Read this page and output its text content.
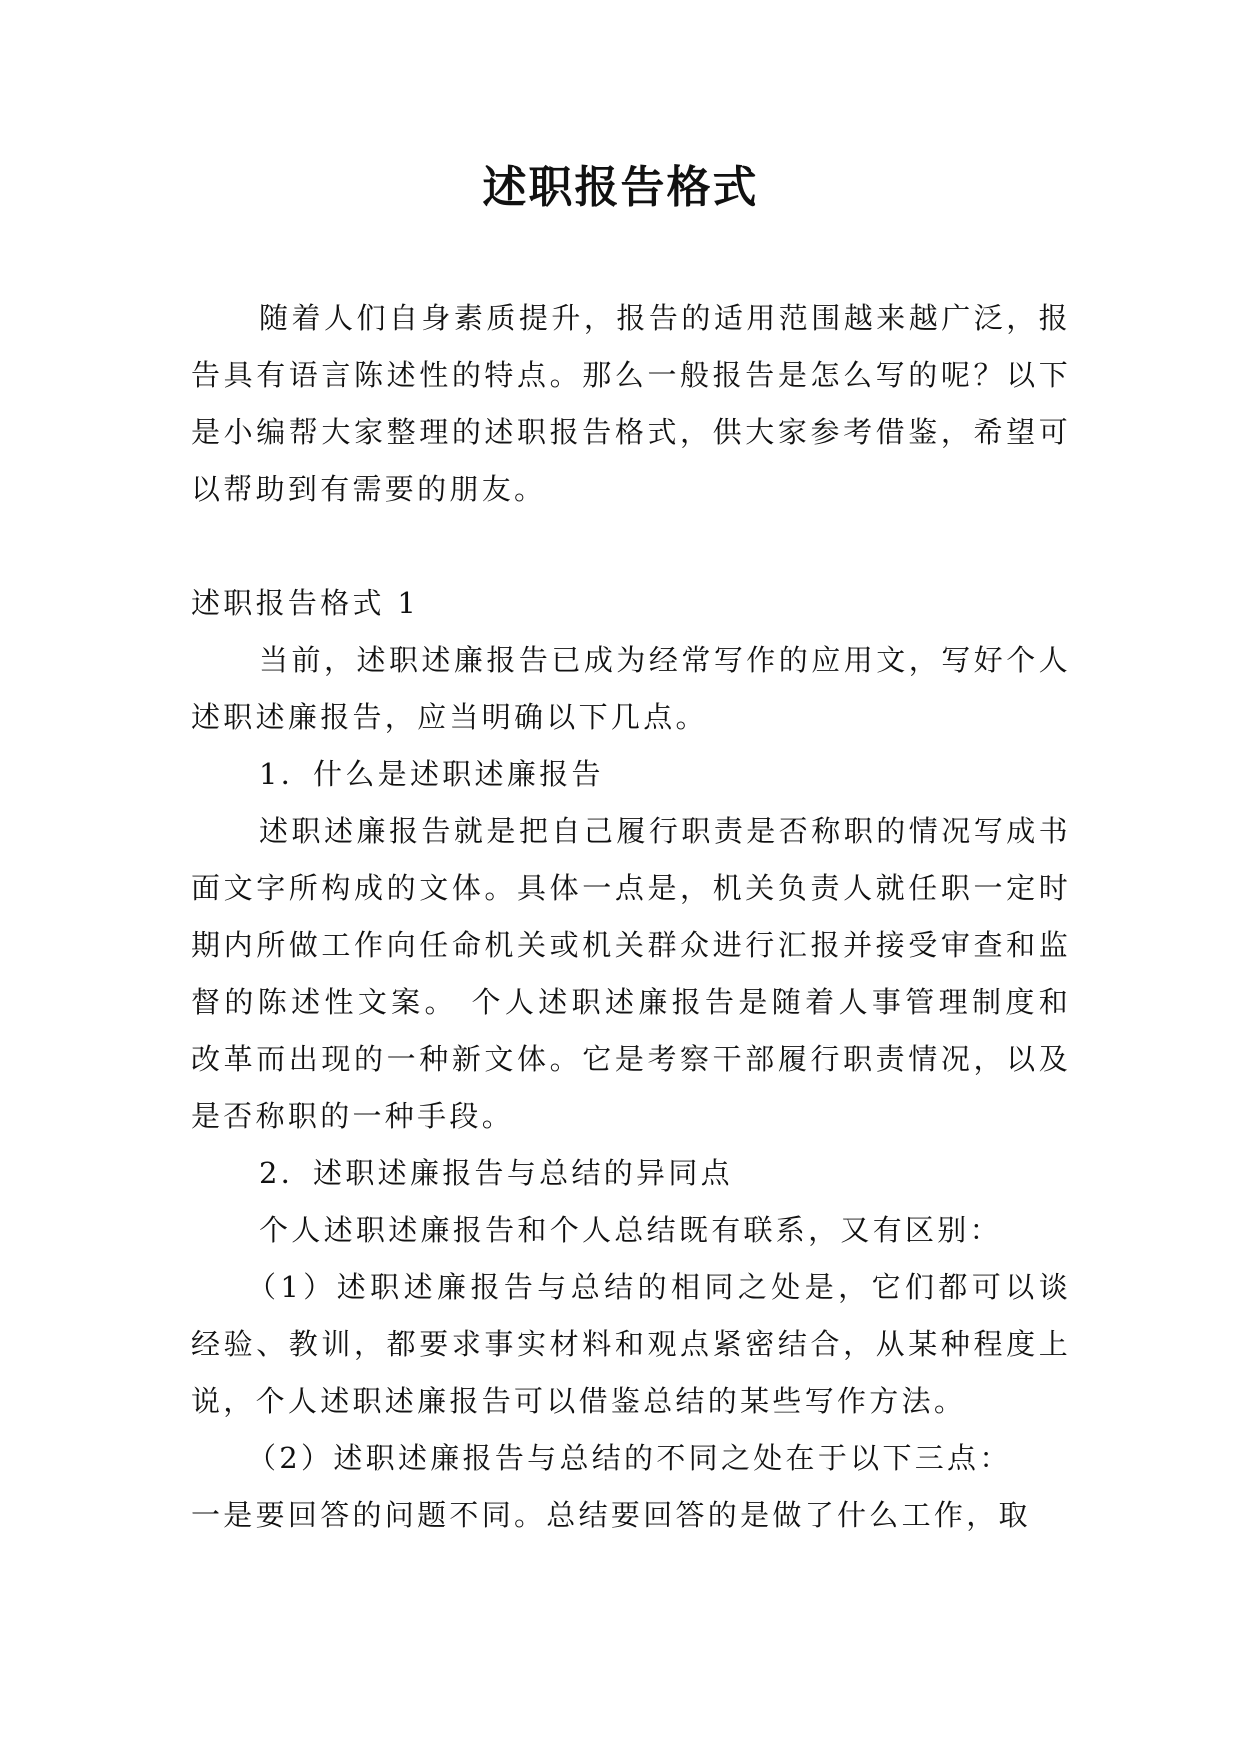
述职报告格式

随着人们自身素质提升，报告的适用范围越来越广泛，报告具有语言陈述性的特点。那么一般报告是怎么写的呢？以下是小编帮大家整理的述职报告格式，供大家参考借鉴，希望可以帮助到有需要的朋友。

述职报告格式 1

当前，述职述廉报告已成为经常写作的应用文，写好个人述职述廉报告，应当明确以下几点。

1．什么是述职述廉报告

述职述廉报告就是把自己履行职责是否称职的情况写成书面文字所构成的文体。具体一点是，机关负责人就任职一定时期内所做工作向任命机关或机关群众进行汇报并接受审查和监督的陈述性文案。 个人述职述廉报告是随着人事管理制度和改革而出现的一种新文体。它是考察干部履行职责情况，以及是否称职的一种手段。

2．述职述廉报告与总结的异同点

个人述职述廉报告和个人总结既有联系，又有区别：

（1）述职述廉报告与总结的相同之处是，它们都可以谈经验、教训，都要求事实材料和观点紧密结合，从某种程度上说，个人述职述廉报告可以借鉴总结的某些写作方法。

（2）述职述廉报告与总结的不同之处在于以下三点：

一是要回答的问题不同。总结要回答的是做了什么工作，取
